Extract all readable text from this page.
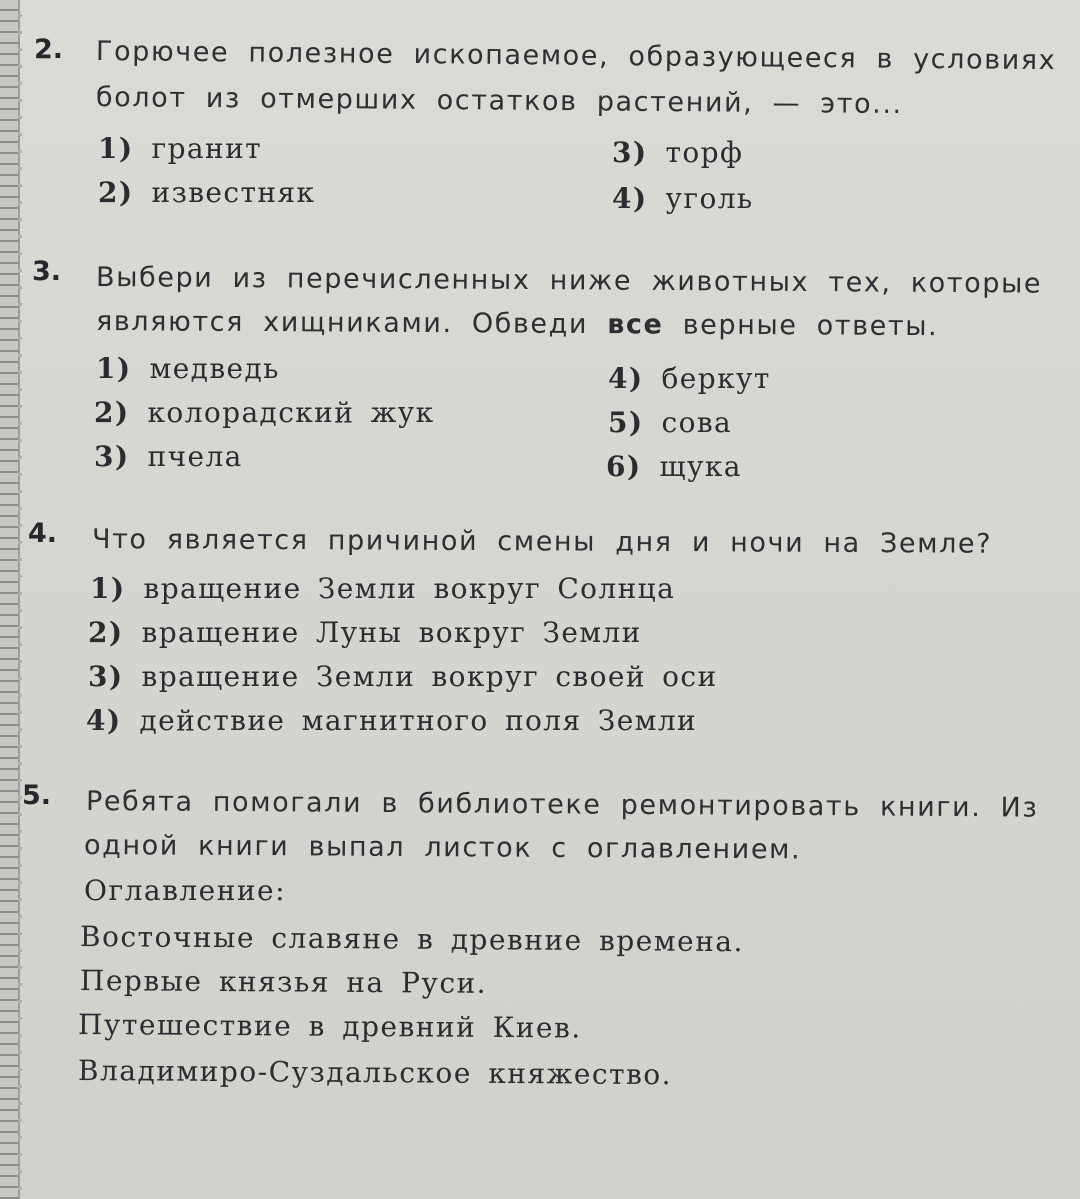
2. Горючее полезное ископаемое, образующееся в условиях
болот из отмерших остатков растений, — это...
1) гранит
2) известняк
3) торф
4) уголь
3. Выбери из перечисленных ниже животных тех, которые
являются хищниками. Обведи все верные ответы.
1) медведь
2) колорадский жук
3) пчела
4) беркут
5) сова
6) щука
4. Что является причиной смены дня и ночи на Земле?
1) вращение Земли вокруг Солнца
2) вращение Луны вокруг Земли
3) вращение Земли вокруг своей оси
4) действие магнитного поля Земли
5. Ребята помогали в библиотеке ремонтировать книги. Из
одной книги выпал листок с оглавлением.
Оглавление:
Восточные славяне в древние времена.
Первые князья на Руси.
Путешествие в древний Киев.
Владимиро-Суздальское княжество.
